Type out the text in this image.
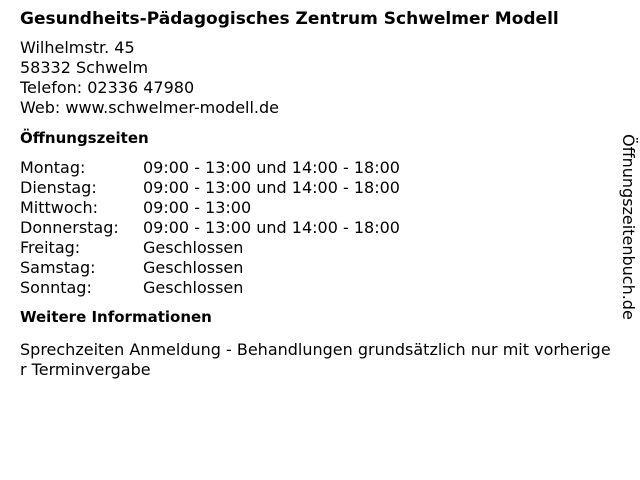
Gesundheits-Pädagogisches Zentrum Schwelmer Modell
Wilhelmstr. 45
58332 Schwelm
Telefon: 02336 47980
Web: www.schwelmer-modell.de
Öffnungszeiten
Montag:	09:00 - 13:00 und 14:00 - 18:00
Dienstag:	09:00 - 13:00 und 14:00 - 18:00
Mittwoch:	09:00 - 13:00
Donnerstag:	09:00 - 13:00 und 14:00 - 18:00
Freitag:	Geschlossen
Samstag:	Geschlossen
Sonntag:	Geschlossen
Weitere Informationen
Sprechzeiten Anmeldung - Behandlungen grundsätzlich nur mit vorheriger Terminvergabe
Öffnungszeitenbuch.de
